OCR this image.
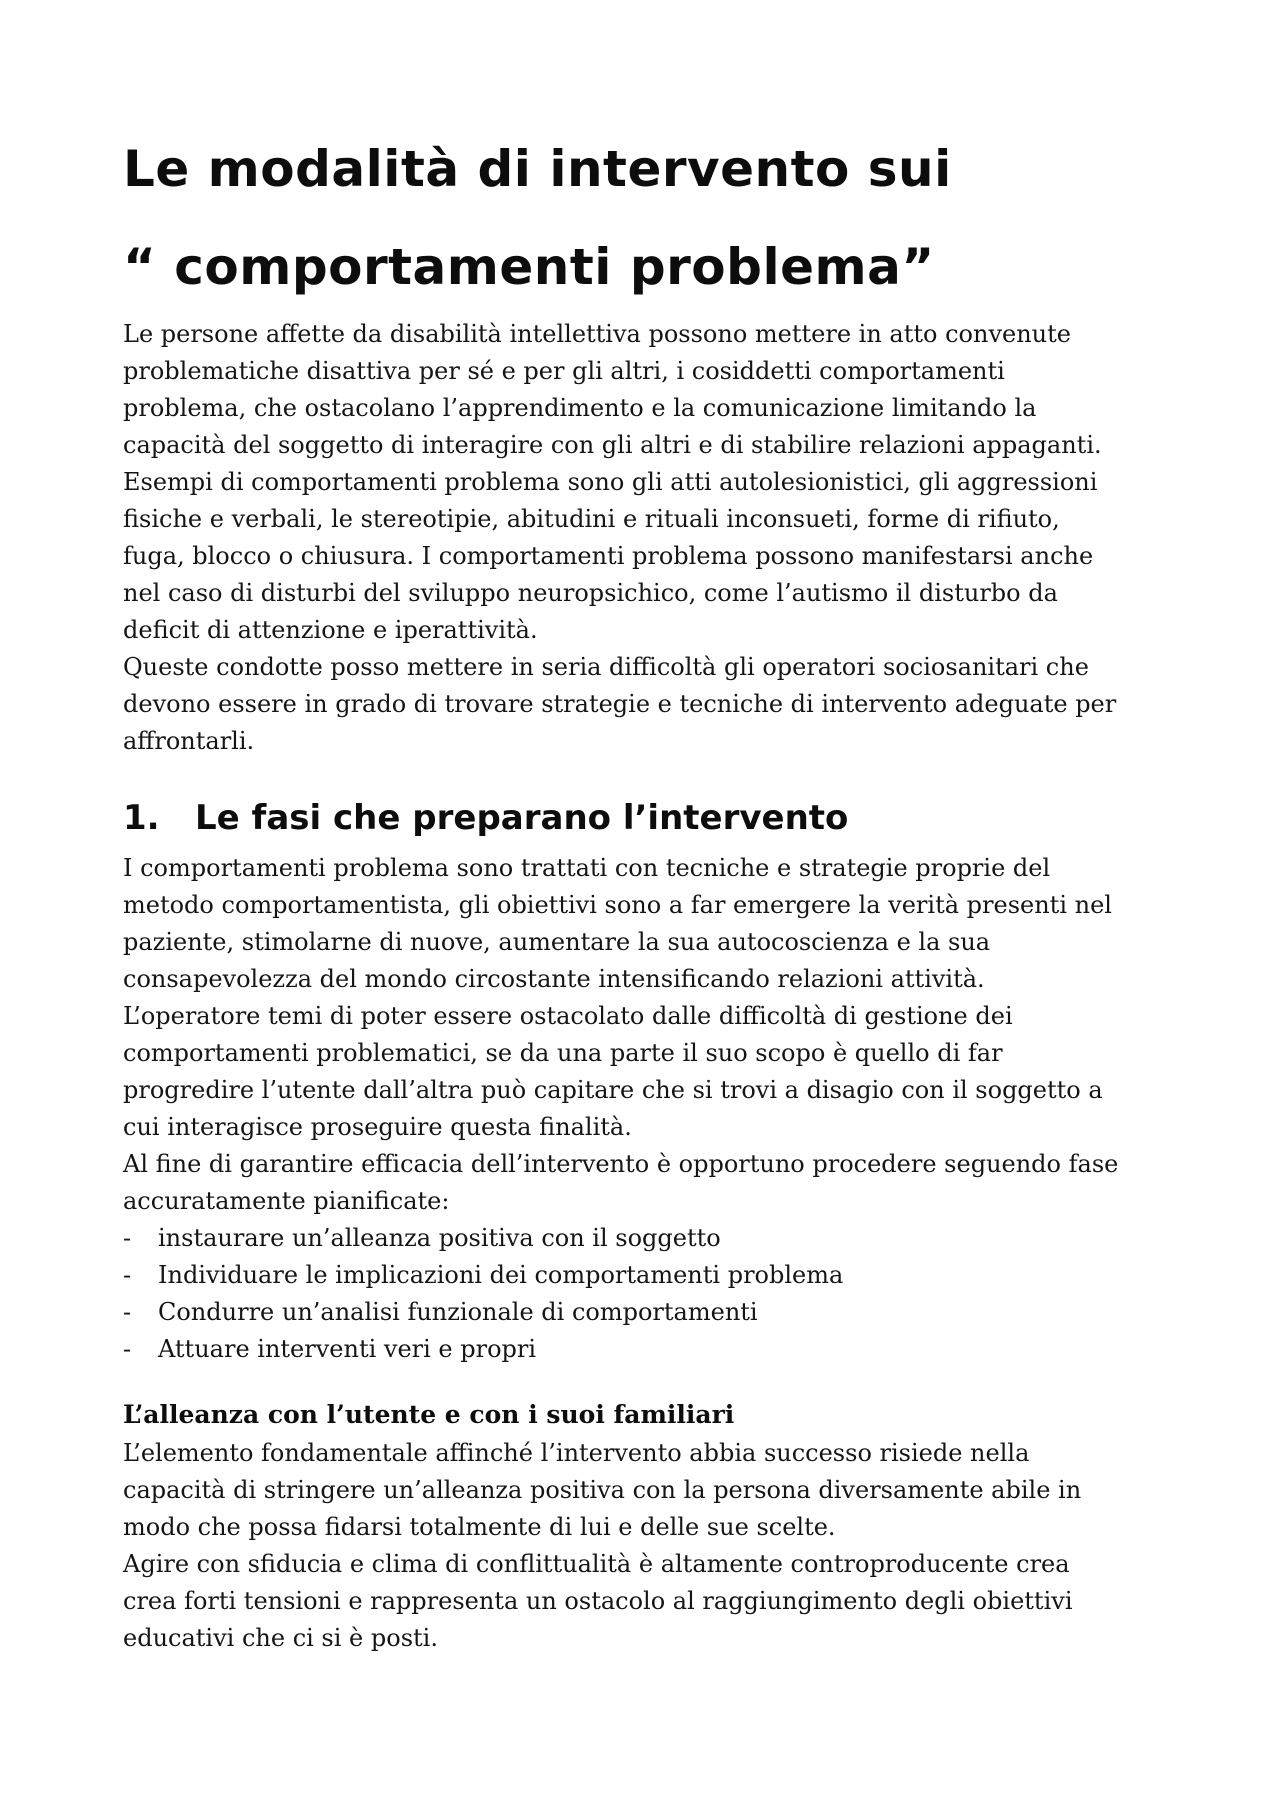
Le modalità di intervento sui
“ comportamenti problema”

Le persone affette da disabilità intellettiva possono mettere in atto convenute
problematiche disattiva per sé e per gli altri, i cosiddetti comportamenti
problema, che ostacolano l’apprendimento e la comunicazione limitando la
capacità del soggetto di interagire con gli altri e di stabilire relazioni appaganti.
Esempi di comportamenti problema sono gli atti autolesionistici, gli aggressioni
fisiche e verbali, le stereotipie, abitudini e rituali inconsueti, forme di rifiuto,
fuga, blocco o chiusura. I comportamenti problema possono manifestarsi anche
nel caso di disturbi del sviluppo neuropsichico, come l’autismo il disturbo da
deficit di attenzione e iperattività.
Queste condotte posso mettere in seria difficoltà gli operatori sociosanitari che
devono essere in grado di trovare strategie e tecniche di intervento adeguate per
affrontarli.

1. Le fasi che preparano l’intervento

I comportamenti problema sono trattati con tecniche e strategie proprie del
metodo comportamentista, gli obiettivi sono a far emergere la verità presenti nel
paziente, stimolarne di nuove, aumentare la sua autocoscienza e la sua
consapevolezza del mondo circostante intensificando relazioni attività.
L’operatore temi di poter essere ostacolato dalle difficoltà di gestione dei
comportamenti problematici, se da una parte il suo scopo è quello di far
progredire l’utente dall’altra può capitare che si trovi a disagio con il soggetto a
cui interagisce proseguire questa finalità.
Al fine di garantire efficacia dell’intervento è opportuno procedere seguendo fase
accuratamente pianificate:

- instaurare un’alleanza positiva con il soggetto
- Individuare le implicazioni dei comportamenti problema
- Condurre un’analisi funzionale di comportamenti
- Attuare interventi veri e propri
L’alleanza con l’utente e con i suoi familiari

L’elemento fondamentale affinché l’intervento abbia successo risiede nella
capacità di stringere un’alleanza positiva con la persona diversamente abile in
modo che possa fidarsi totalmente di lui e delle sue scelte.
Agire con sfiducia e clima di conflittualità è altamente controproducente crea
crea forti tensioni e rappresenta un ostacolo al raggiungimento degli obiettivi
educativi che ci si è posti.
